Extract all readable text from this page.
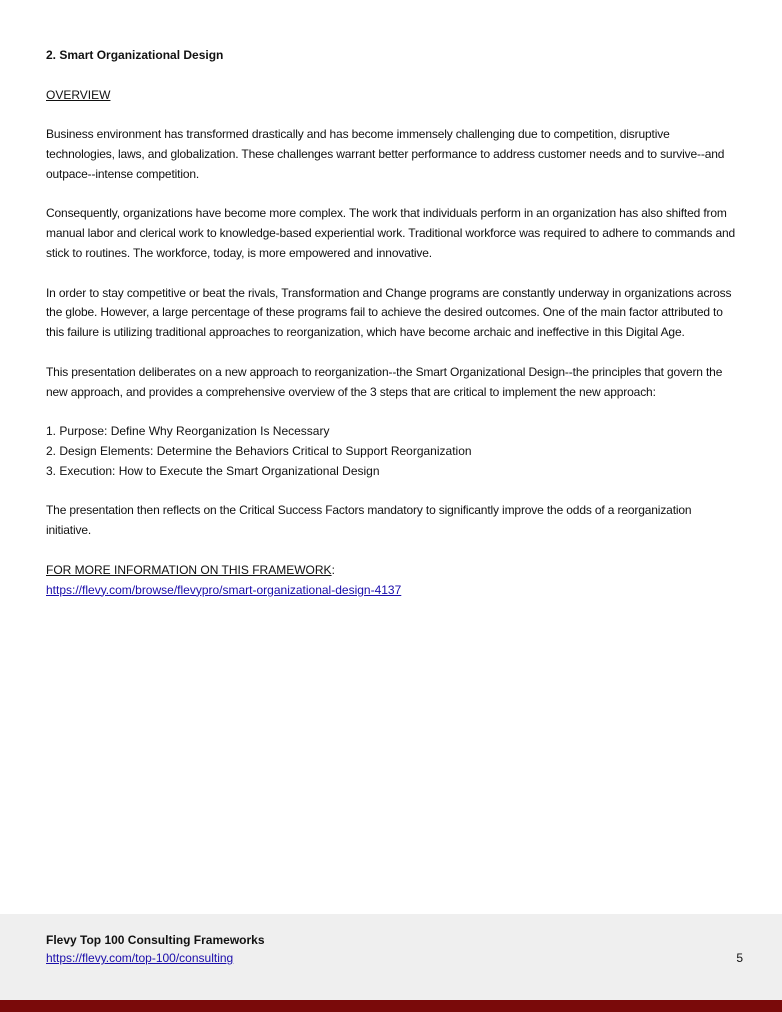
2. Smart Organizational Design

OVERVIEW

Business environment has transformed drastically and has become immensely challenging due to competition, disruptive technologies, laws, and globalization. These challenges warrant better performance to address customer needs and to survive--and outpace--intense competition.

Consequently, organizations have become more complex. The work that individuals perform in an organization has also shifted from manual labor and clerical work to knowledge-based experiential work. Traditional workforce was required to adhere to commands and stick to routines. The workforce, today, is more empowered and innovative.

In order to stay competitive or beat the rivals, Transformation and Change programs are constantly underway in organizations across the globe. However, a large percentage of these programs fail to achieve the desired outcomes. One of the main factor attributed to this failure is utilizing traditional approaches to reorganization, which have become archaic and ineffective in this Digital Age.

This presentation deliberates on a new approach to reorganization--the Smart Organizational Design--the principles that govern the new approach, and provides a comprehensive overview of the 3 steps that are critical to implement the new approach:

1. Purpose: Define Why Reorganization Is Necessary
2. Design Elements: Determine the Behaviors Critical to Support Reorganization
3. Execution: How to Execute the Smart Organizational Design

The presentation then reflects on the Critical Success Factors mandatory to significantly improve the odds of a reorganization initiative.

FOR MORE INFORMATION ON THIS FRAMEWORK:
https://flevy.com/browse/flevypro/smart-organizational-design-4137
Flevy Top 100 Consulting Frameworks
https://flevy.com/top-100/consulting	5
